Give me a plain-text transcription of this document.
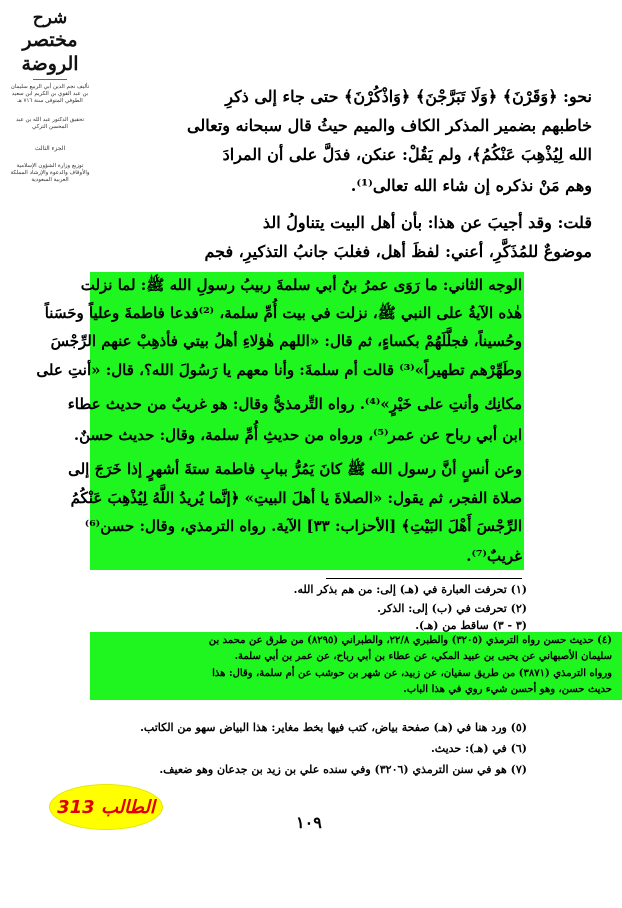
شرح
مختصر الروضة
تأليف نجم الدين أبي الربيع سليمان بن عبد القوي بن الكريم ابن سعيد الطوفي المتوفى سنة ٧١٦ هـ
تحقيق الدكتور عبد الله بن عبد المحسن التركي
الجزء الثالث
توزيع وزارة الشؤون الإسلامية والأوقاف والدعوة والإرشاد المملكة العربية السعودية
نحو: ﴿وَقَرْنَ﴾ ﴿وَلَا تَبَرَّجْنَ﴾ ﴿وَاذْكُرْنَ﴾ حتى جاء إلى ذكرِ
خاطبهم بضمير المذكر الكاف والميم حيثُ قال سبحانه وتعالى
الله لِيُذْهِبَ عَنْكُمُ﴾، ولم يَقُلْ: عنكن، فدَلَّ على أن المرادَ
وهم مَنْ نذكره إن شاء الله تعالى⁽¹⁾.
قلت: وقد أجيبَ عن هذا: بأن أهل البيت يتناولُ الذ
موضوعٌ للمُذَكَّرِ، أعني: لفظَ أهل، فغلبَ جانبُ التذكيرِ، فجم
الوجه الثاني: ما رَوَى عمرُ بنُ أبي سلمةَ ربيبُ رسولِ الله ﷺ: لما نزلت
هٰذه الآيةُ على النبي ﷺ، نزلت في بيت أُمِّ سلمة، ⁽²⁾فدعا فاطمةَ وعلياً وحَسَناً
وحُسيناً، فجلَّلَهُمْ بكساءٍ، ثم قال: «اللهم هٰؤلاءِ أهلُ بيتي فأذهِبْ عنهم الرِّجْسَ
وطَهِّرْهم تطهيراً»⁽³⁾ قالت أم سلمةَ: وأنا معهم يا رَسُولَ الله؟، قال: «أنتِ على
مكانِك وأنتِ على خَيْرٍ»⁽⁴⁾. رواه التِّرمذيُّ وقال: هو غريبٌ من حديث عطاء
ابن أبي رباح عن عمر⁽⁵⁾، ورواه من حديثِ أُمِّ سلمة، وقال: حديث حسنٌ.
وعن أنسٍ أنَّ رسول الله ﷺ كانَ يَمُرُّ ببابِ فاطمة ستةَ أشهرٍ إذا خَرَجَ إلى
صلاة الفجر، ثم يقول: «الصلاةَ يا أهلَ البيتِ» ﴿إنَّما يُريدُ اللَّهُ لِيُذْهِبَ عَنْكُمُ
الرِّجْسَ أَهْلَ البَيْتِ﴾ [الأحزاب: ٣٣] الآية. رواه الترمذي، وقال: حسن⁽⁶⁾
غريبٌ⁽⁷⁾.
(١) تحرفت العبارة في (هـ) إلى: من هم بذكر الله.
(٢) تحرفت في (ب) إلى: الذكر.
(٣ - ٣) ساقط من (هـ).
(٤) حديث حسن رواه الترمذي (٣٢٠٥) والطبري ٢٢/٨، والطبراني (٨٢٩٥) من طرق عن محمد بن
سليمان الأصبهاني عن يحيى بن عبيد المكي، عن عطاء بن أبي رباح، عن عمر بن أبي سلمة.
ورواه الترمذي (٣٨٧١) من طريق سفيان، عن زبيد، عن شهر بن حوشب عن أم سلمة، وقال: هذا
حديث حسن، وهو أحسن شيء روي في هذا الباب.
(٥) ورد هنا في (هـ) صفحة بياض، كتب فيها بخط مغاير: هذا البياض سهو من الكاتب.
(٦) في (هـ): حديث.
(٧) هو في سنن الترمذي (٣٢٠٦) وفي سنده علي بن زيد بن جدعان وهو ضعيف.
الطالب 313
١٠٩
